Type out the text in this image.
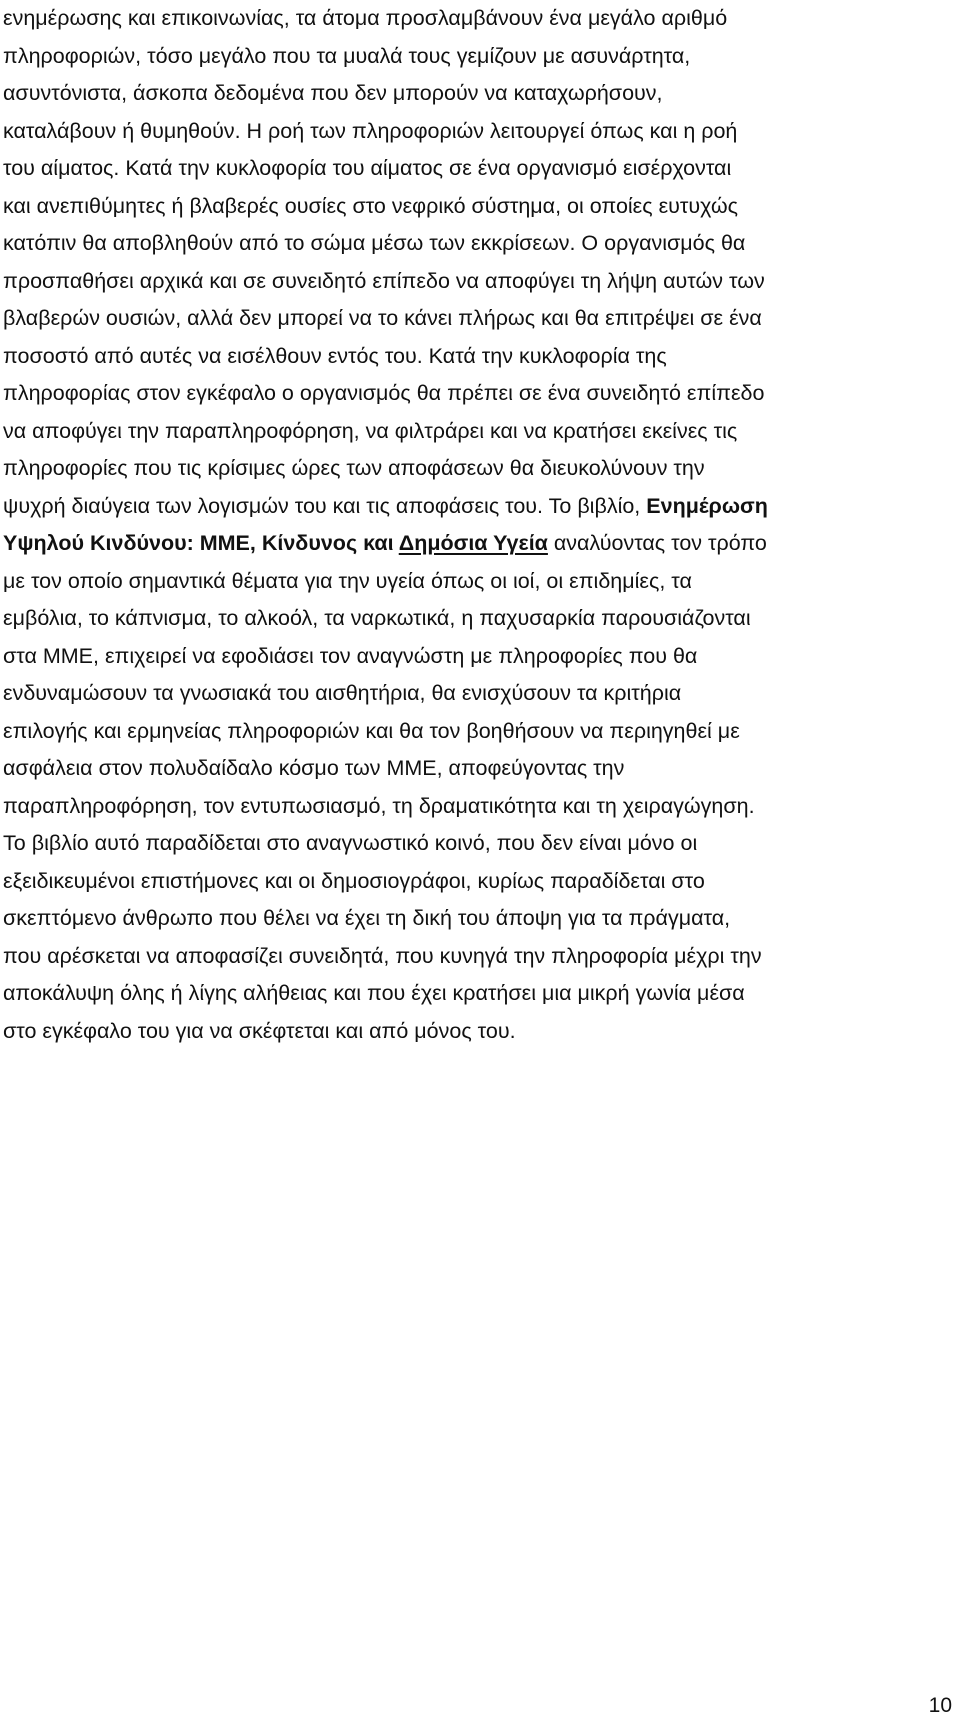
ενημέρωσης και επικοινωνίας, τα άτομα προσλαμβάνουν ένα μεγάλο αριθμό
πληροφοριών, τόσο μεγάλο που τα μυαλά τους γεμίζουν με ασυνάρτητα,
ασυντόνιστα, άσκοπα δεδομένα που δεν μπορούν να καταχωρήσουν,
καταλάβουν ή θυμηθούν. Η ροή των πληροφοριών λειτουργεί όπως και η ροή
του αίματος. Κατά την κυκλοφορία του αίματος σε ένα οργανισμό εισέρχονται
και ανεπιθύμητες ή βλαβερές ουσίες στο νεφρικό σύστημα, οι οποίες ευτυχώς
κατόπιν θα αποβληθούν από το σώμα μέσω των εκκρίσεων. Ο οργανισμός θα
προσπαθήσει αρχικά και σε συνειδητό επίπεδο να αποφύγει τη λήψη αυτών των
βλαβερών ουσιών, αλλά δεν μπορεί να το κάνει πλήρως και θα επιτρέψει σε ένα
ποσοστό από αυτές να εισέλθουν εντός του. Κατά την κυκλοφορία της
πληροφορίας στον εγκέφαλο ο οργανισμός θα πρέπει σε ένα συνειδητό επίπεδο
να αποφύγει την παραπληροφόρηση, να φιλτράρει και να κρατήσει εκείνες τις
πληροφορίες που τις κρίσιμες ώρες των αποφάσεων θα διευκολύνουν την
ψυχρή διαύγεια των λογισμών του και τις αποφάσεις του. Το βιβλίο, Ενημέρωση
Υψηλού Κινδύνου: ΜΜΕ, Κίνδυνος και Δημόσια Υγεία αναλύοντας τον τρόπο
με τον οποίο σημαντικά θέματα για την υγεία όπως οι ιοί, οι επιδημίες, τα
εμβόλια, το κάπνισμα, το αλκοόλ, τα ναρκωτικά, η παχυσαρκία παρουσιάζονται
στα ΜΜΕ, επιχειρεί να εφοδιάσει τον αναγνώστη με πληροφορίες που θα
ενδυναμώσουν τα γνωσιακά του αισθητήρια, θα ενισχύσουν τα κριτήρια
επιλογής και ερμηνείας πληροφοριών και θα τον βοηθήσουν να περιηγηθεί με
ασφάλεια στον πολυδαίδαλο κόσμο των ΜΜΕ, αποφεύγοντας την
παραπληροφόρηση, τον εντυπωσιασμό, τη δραματικότητα και τη χειραγώγηση.
Το βιβλίο αυτό παραδίδεται στο αναγνωστικό κοινό, που δεν είναι μόνο οι
εξειδικευμένοι επιστήμονες και οι δημοσιογράφοι, κυρίως παραδίδεται στο
σκεπτόμενο άνθρωπο που θέλει να έχει τη δική του άποψη για τα πράγματα,
που αρέσκεται να αποφασίζει συνειδητά, που κυνηγά την πληροφορία μέχρι την
αποκάλυψη όλης ή λίγης αλήθειας και που έχει κρατήσει μια μικρή γωνία μέσα
στο εγκέφαλο του για να σκέφτεται και από μόνος του.
10
